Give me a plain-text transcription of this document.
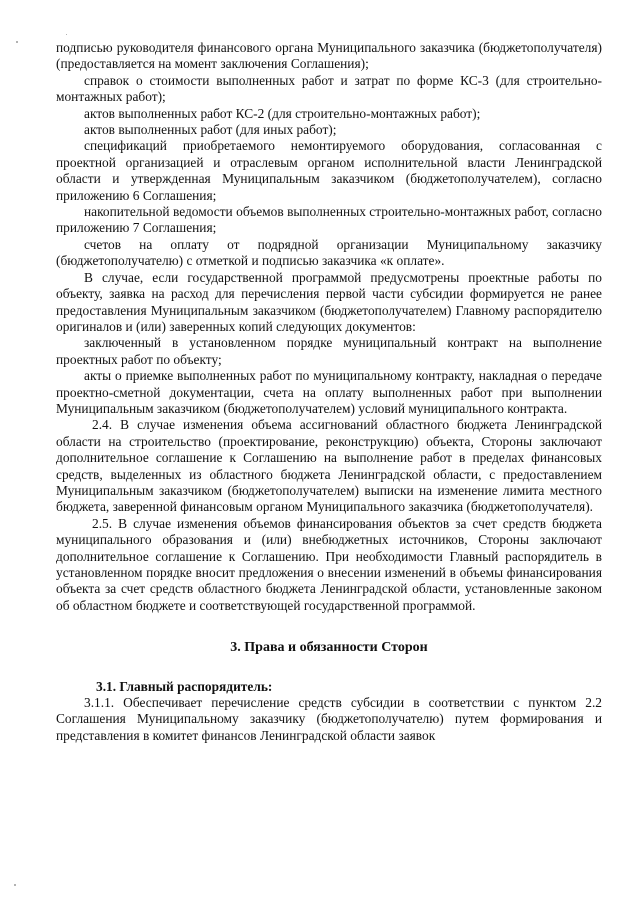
подписью руководителя финансового органа Муниципального заказчика (бюджетополучателя) (предоставляется на момент заключения Соглашения);

справок о стоимости выполненных работ и затрат по форме КС-3 (для строительно-монтажных работ);

актов выполненных работ КС-2 (для строительно-монтажных работ);

актов выполненных работ (для иных работ);

спецификаций приобретаемого немонтируемого оборудования, согласованная с проектной организацией и отраслевым органом исполнительной власти Ленинградской области и утвержденная Муниципальным заказчиком (бюджетополучателем), согласно приложению 6 Соглашения;

накопительной ведомости объемов выполненных строительно-монтажных работ, согласно приложению 7 Соглашения;

счетов на оплату от подрядной организации Муниципальному заказчику (бюджетополучателю) с отметкой и подписью заказчика «к оплате».

В случае, если государственной программой предусмотрены проектные работы по объекту, заявка на расход для перечисления первой части субсидии формируется не ранее предоставления Муниципальным заказчиком (бюджетополучателем) Главному распорядителю оригиналов и (или) заверенных копий следующих документов:

заключенный в установленном порядке муниципальный контракт на выполнение проектных работ по объекту;

акты о приемке выполненных работ по муниципальному контракту, накладная о передаче проектно-сметной документации, счета на оплату выполненных работ при выполнении Муниципальным заказчиком (бюджетополучателем) условий муниципального контракта.

2.4. В случае изменения объема ассигнований областного бюджета Ленинградской области на строительство (проектирование, реконструкцию) объекта, Стороны заключают дополнительное соглашение к Соглашению на выполнение работ в пределах финансовых средств, выделенных из областного бюджета Ленинградской области, с предоставлением Муниципальным заказчиком (бюджетополучателем) выписки на изменение лимита местного бюджета, заверенной финансовым органом Муниципального заказчика (бюджетополучателя).

2.5. В случае изменения объемов финансирования объектов за счет средств бюджета муниципального образования и (или) внебюджетных источников, Стороны заключают дополнительное соглашение к Соглашению. При необходимости Главный распорядитель в установленном порядке вносит предложения о внесении изменений в объемы финансирования объекта за счет средств областного бюджета Ленинградской области, установленные законом об областном бюджете и соответствующей государственной программой.

3. Права и обязанности Сторон

3.1. Главный распорядитель:

3.1.1. Обеспечивает перечисление средств субсидии в соответствии с пунктом 2.2 Соглашения Муниципальному заказчику (бюджетополучателю) путем формирования и представления в комитет финансов Ленинградской области заявок
